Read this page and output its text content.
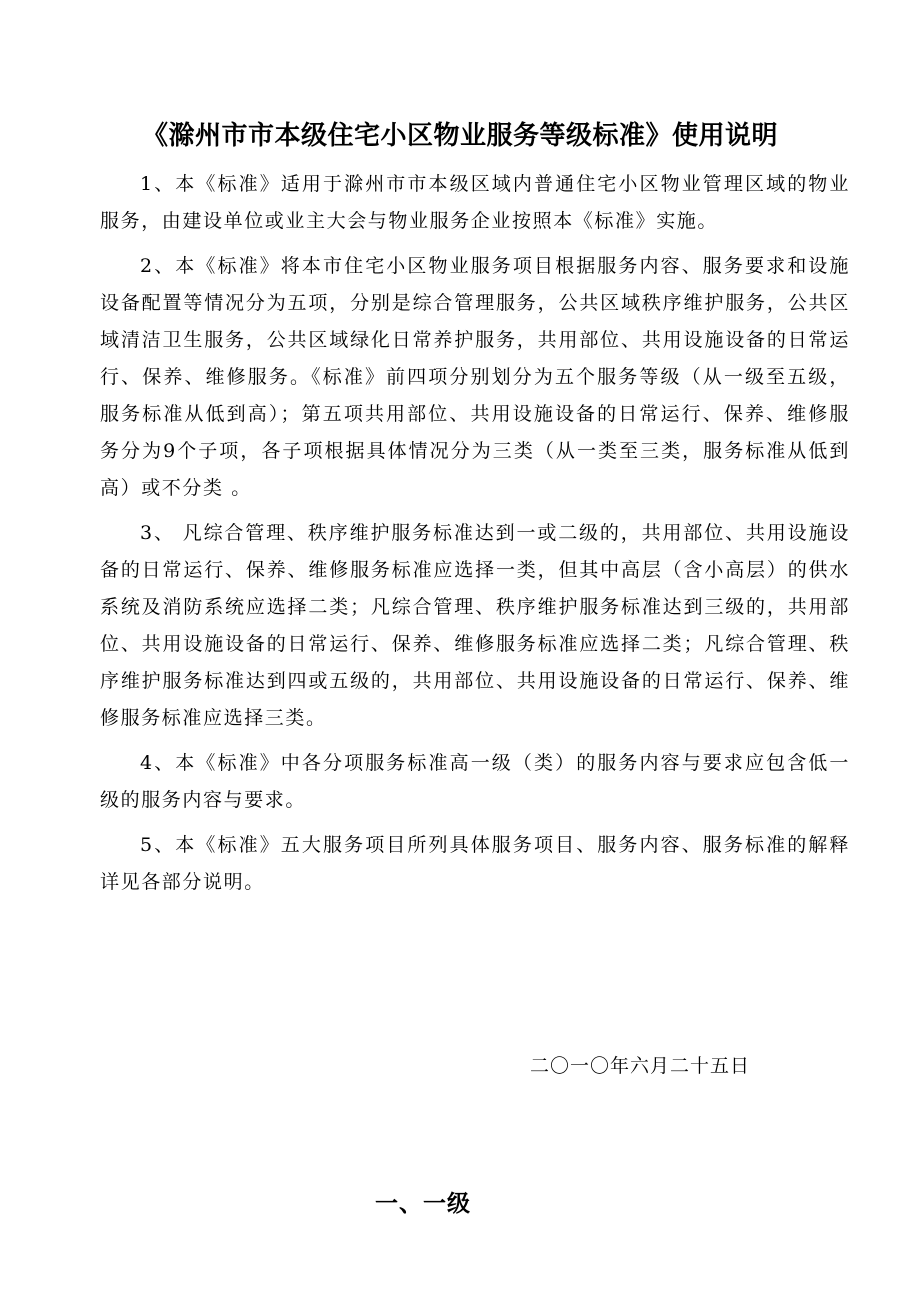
《滁州市市本级住宅小区物业服务等级标准》使用说明

1、本《标准》适用于滁州市市本级区域内普通住宅小区物业管理区域的物业服务，由建设单位或业主大会与物业服务企业按照本《标准》实施。

2、本《标准》将本市住宅小区物业服务项目根据服务内容、服务要求和设施设备配置等情况分为五项，分别是综合管理服务，公共区域秩序维护服务，公共区域清洁卫生服务，公共区域绿化日常养护服务，共用部位、共用设施设备的日常运行、保养、维修服务。《标准》前四项分别划分为五个服务等级（从一级至五级，服务标准从低到高）；第五项共用部位、共用设施设备的日常运行、保养、维修服务分为9个子项，各子项根据具体情况分为三类（从一类至三类，服务标准从低到高）或不分类 。

3、 凡综合管理、秩序维护服务标准达到一或二级的，共用部位、共用设施设备的日常运行、保养、维修服务标准应选择一类，但其中高层（含小高层）的供水系统及消防系统应选择二类；凡综合管理、秩序维护服务标准达到三级的，共用部位、共用设施设备的日常运行、保养、维修服务标准应选择二类；凡综合管理、秩序维护服务标准达到四或五级的，共用部位、共用设施设备的日常运行、保养、维修服务标准应选择三类。

4、本《标准》中各分项服务标准高一级（类）的服务内容与要求应包含低一级的服务内容与要求。

5、本《标准》五大服务项目所列具体服务项目、服务内容、服务标准的解释详见各部分说明。

二〇一〇年六月二十五日
一、一级
